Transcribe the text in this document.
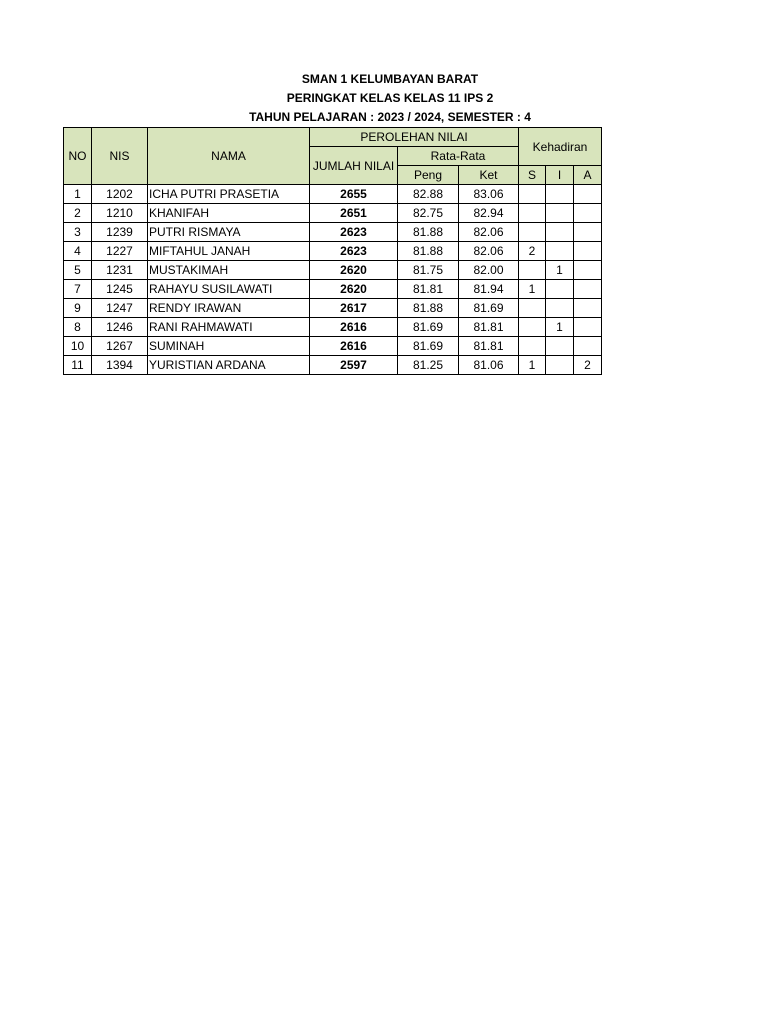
SMAN 1 KELUMBAYAN BARAT
PERINGKAT KELAS KELAS 11 IPS 2
TAHUN PELAJARAN : 2023 / 2024, SEMESTER : 4
NO	NIS	NAMA	PEROLEHAN NILAI			Kehadiran		
			JUMLAH NILAI	Rata-Rata				
				Peng	Ket	S	I	A
1	1202	ICHA PUTRI PRASETIA	2655	82.88	83.06			
2	1210	KHANIFAH	2651	82.75	82.94			
3	1239	PUTRI RISMAYA	2623	81.88	82.06			
4	1227	MIFTAHUL JANAH	2623	81.88	82.06	2		
5	1231	MUSTAKIMAH	2620	81.75	82.00		1	
7	1245	RAHAYU SUSILAWATI	2620	81.81	81.94	1		
9	1247	RENDY IRAWAN	2617	81.88	81.69			
8	1246	RANI RAHMAWATI	2616	81.69	81.81		1	
10	1267	SUMINAH	2616	81.69	81.81			
11	1394	YURISTIAN ARDANA	2597	81.25	81.06	1		2
